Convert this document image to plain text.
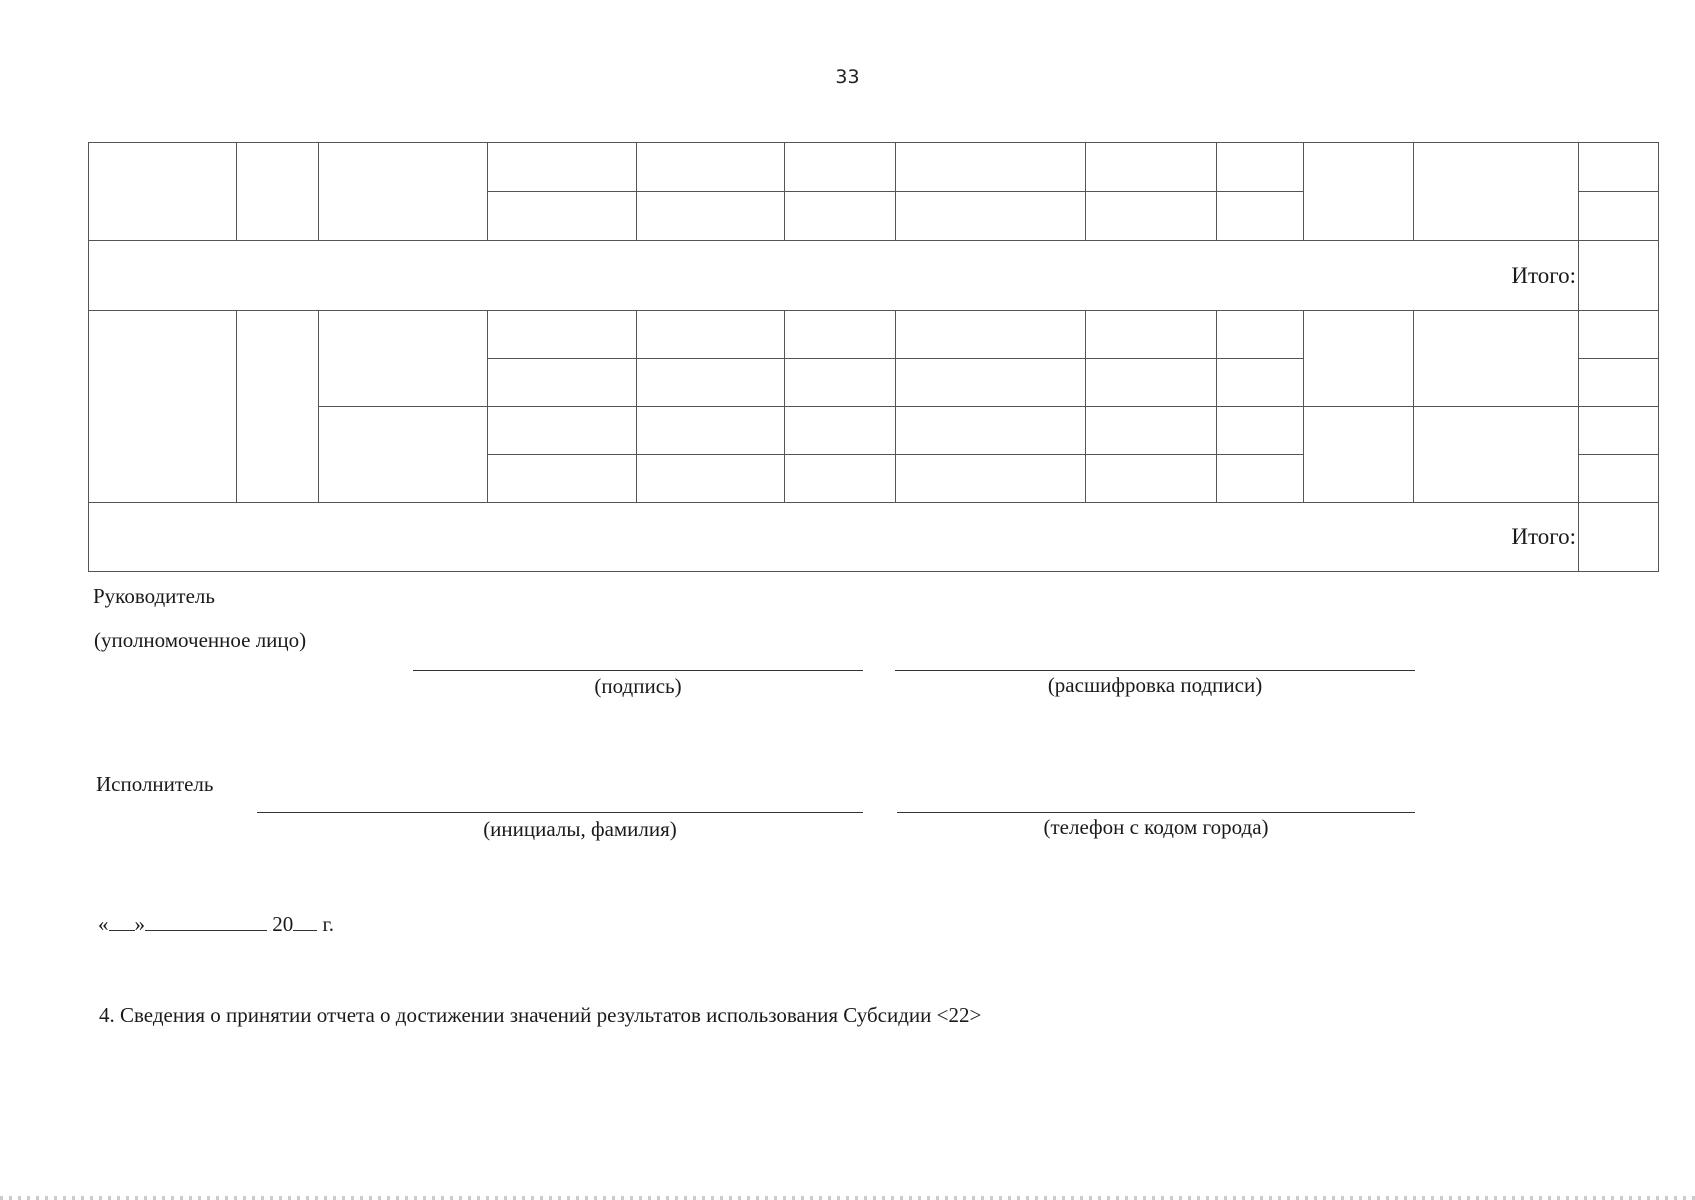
33

Итого:											

Итого:											
Руководитель
(уполномоченное лицо)
(подпись)	(расшифровка подписи)
Исполнитель
(инициалы, фамилия)	(телефон с кодом города)
« »	20 г.
4. Сведения о принятии отчета о достижении значений результатов использования Субсидии <22>
